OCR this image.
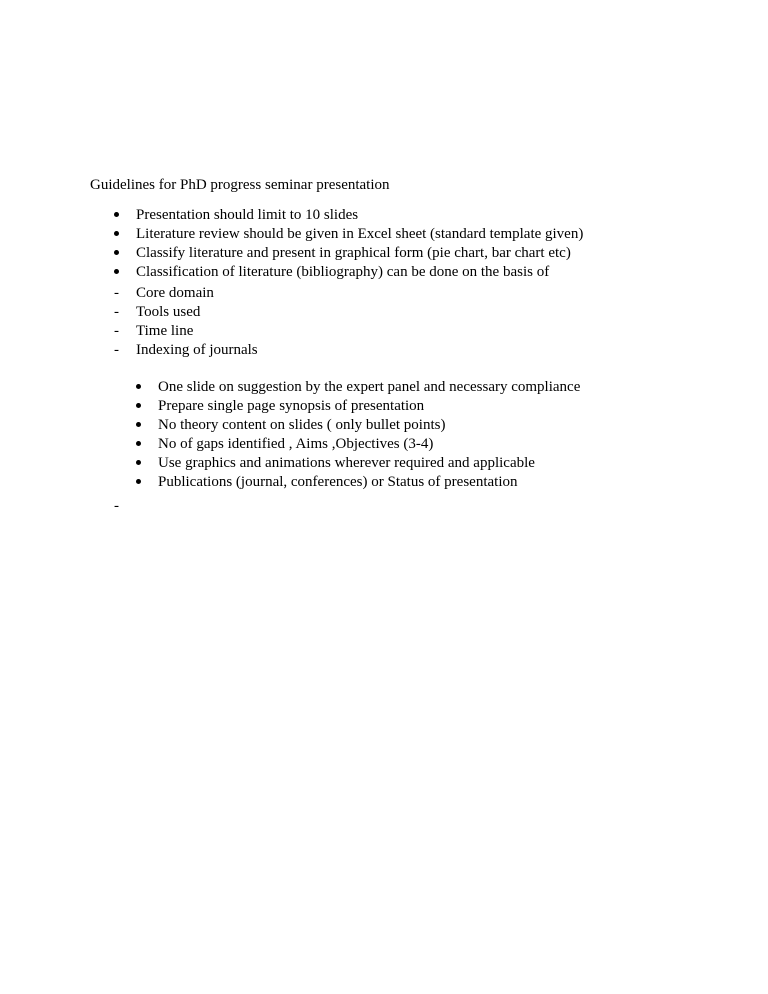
Guidelines for PhD progress seminar presentation
Presentation should limit to 10 slides
Literature review should be given in Excel sheet (standard template given)
Classify literature and present in graphical form (pie chart, bar chart etc)
Classification of literature (bibliography) can be done on the basis of
-	Core domain
-	Tools used
-	Time line
-	Indexing of journals
One slide on suggestion by the expert panel and necessary compliance
Prepare single page synopsis of presentation
No theory content on slides ( only bullet points)
No of gaps identified , Aims ,Objectives (3-4)
Use graphics and animations wherever required and applicable
Publications (journal, conferences) or Status of presentation
-
